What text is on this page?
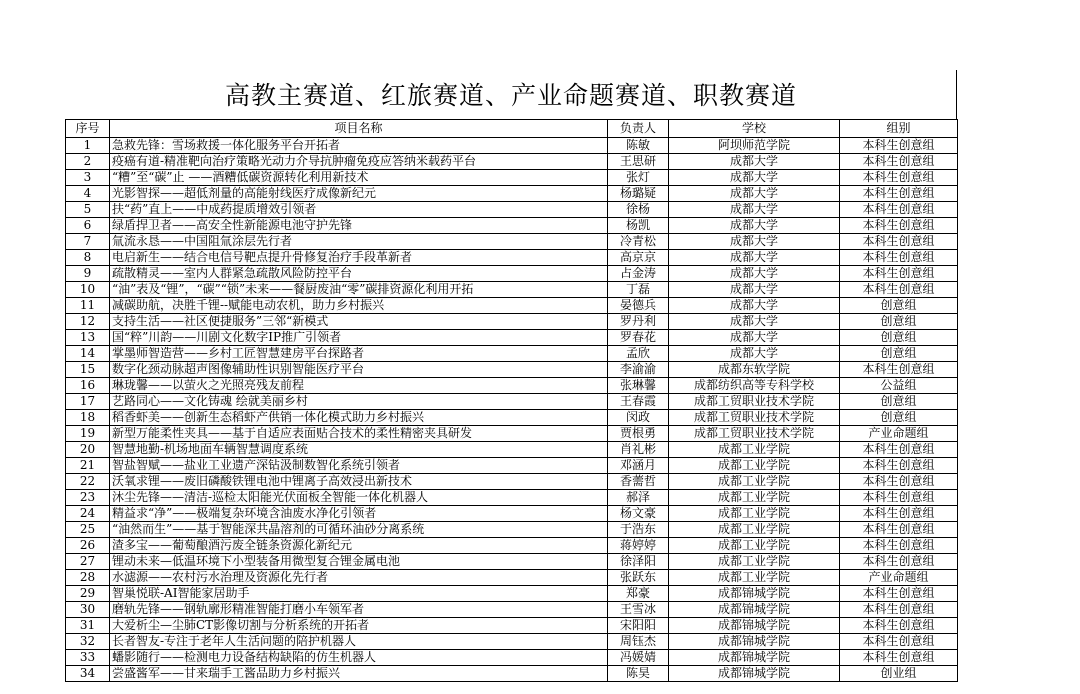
高教主赛道、红旅赛道、产业命题赛道、职教赛道
序号	项目名称	负责人	学校	组别
1	急救先锋：雪场救援一体化服务平台开拓者	陈敏	阿坝师范学院	本科生创意组
2	疫癌有道-精准靶向治疗策略光动力介导抗肿瘤免疫应答纳米载药平台	王思研	成都大学	本科生创意组
3	“糟”至“碳”止 ——酒糟低碳资源转化利用新技术	张灯	成都大学	本科生创意组
4	光影智探——超低剂量的高能射线医疗成像新纪元	杨璐疑	成都大学	本科生创意组
5	扶“药”直上——中成药提质增效引领者	徐杨	成都大学	本科生创意组
6	绿盾捍卫者——高安全性新能源电池守护先锋	杨凯	成都大学	本科生创意组
7	氚流永恳——中国阻氚涂层先行者	冷青松	成都大学	本科生创意组
8	电启新生——结合电信号靶点提升骨修复治疗手段革新者	高京京	成都大学	本科生创意组
9	疏散精灵——室内人群紧急疏散风险防控平台	占金涛	成都大学	本科生创意组
10	“油”表及“锂”，“碳”“锁”未来——餐厨废油“零”碳排资源化利用开拓	丁磊	成都大学	本科生创意组
11	减碳助航，决胜千锂--赋能电动农机，助力乡村振兴	晏德兵	成都大学	创意组
12	支持生活——社区便捷服务”三邻“新模式	罗丹利	成都大学	创意组
13	国“粹”川韵——川剧文化数字IP推广引领者	罗春花	成都大学	创意组
14	掌墨师智造营——乡村工匠智慧建房平台探路者	孟欣	成都大学	创意组
15	数字化颈动脉超声图像辅助性识别智能医疗平台	李渝渝	成都东软学院	本科生创意组
16	琳珑馨——以萤火之光照亮残友前程	张琳馨	成都纺织高等专科学校	公益组
17	艺路同心——文化铸魂 绘就美丽乡村	王春霞	成都工贸职业技术学院	创意组
18	稻香虾美——创新生态稻虾产供销一体化模式助力乡村振兴	闵政	成都工贸职业技术学院	创意组
19	新型万能柔性夹具——基于自适应表面贴合技术的柔性精密夹具研发	贾根勇	成都工贸职业技术学院	产业命题组
20	智慧地勤-机场地面车辆智慧调度系统	肖礼彬	成都工业学院	本科生创意组
21	智盐智赋——盐业工业遗产深钻汲制数智化系统引领者	邓涵月	成都工业学院	本科生创意组
22	沃氧求锂——废旧磷酸铁锂电池中锂离子高效浸出新技术	香薷哲	成都工业学院	本科生创意组
23	沐尘先锋——清洁-巡检太阳能光伏面板全智能一体化机器人	郝泽	成都工业学院	本科生创意组
24	精益求“净”——极端复杂环境含油废水净化引领者	杨文豪	成都工业学院	本科生创意组
25	“油然而生”——基于智能深共晶溶剂的可循环油砂分离系统	于浩东	成都工业学院	本科生创意组
26	渣多宝——葡萄酿酒污废全链条资源化新纪元	蒋婷婷	成都工业学院	本科生创意组
27	锂动未来—低温环境下小型装备用微型复合锂金属电池	徐泽阳	成都工业学院	本科生创意组
28	水滤源——农村污水治理及资源化先行者	张跃东	成都工业学院	产业命题组
29	智巢悦联-AI智能家居助手	郑豪	成都锦城学院	本科生创意组
30	磨轨先锋——钢轨廓形精准智能打磨小车领军者	王雪冰	成都锦城学院	本科生创意组
31	大爱析尘—尘肺CT影像切割与分析系统的开拓者	宋阳阳	成都锦城学院	本科生创意组
32	长者智友-专注于老年人生活问题的陪护机器人	周钰杰	成都锦城学院	本科生创意组
33	蟠影随行——检测电力设备结构缺陷的仿生机器人	冯媛婧	成都锦城学院	本科生创意组
34	尝盛酱军——甘来瑞手工酱品助力乡村振兴	陈昊	成都锦城学院	创业组
